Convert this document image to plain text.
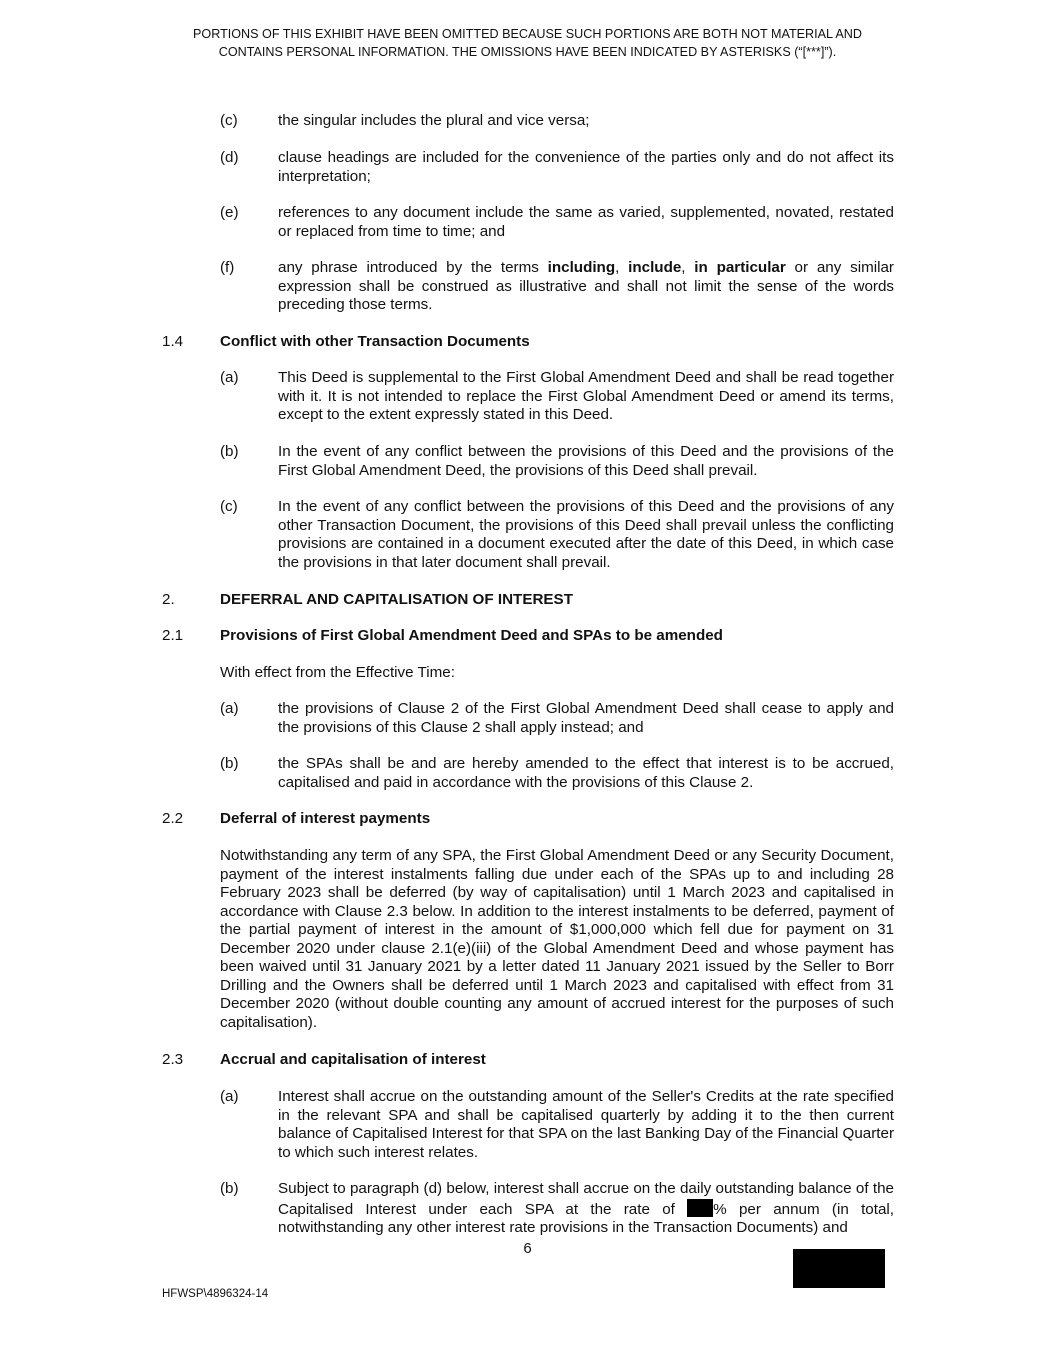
PORTIONS OF THIS EXHIBIT HAVE BEEN OMITTED BECAUSE SUCH PORTIONS ARE BOTH NOT MATERIAL AND
CONTAINS PERSONAL INFORMATION. THE OMISSIONS HAVE BEEN INDICATED BY ASTERISKS (“[***]”).
(c)	the singular includes the plural and vice versa;
(d)	clause headings are included for the convenience of the parties only and do not affect its interpretation;
(e)	references to any document include the same as varied, supplemented, novated, restated or replaced from time to time; and
(f)	any phrase introduced by the terms including, include, in particular or any similar expression shall be construed as illustrative and shall not limit the sense of the words preceding those terms.
1.4 Conflict with other Transaction Documents
(a)	This Deed is supplemental to the First Global Amendment Deed and shall be read together with it. It is not intended to replace the First Global Amendment Deed or amend its terms, except to the extent expressly stated in this Deed.
(b)	In the event of any conflict between the provisions of this Deed and the provisions of the First Global Amendment Deed, the provisions of this Deed shall prevail.
(c)	In the event of any conflict between the provisions of this Deed and the provisions of any other Transaction Document, the provisions of this Deed shall prevail unless the conflicting provisions are contained in a document executed after the date of this Deed, in which case the provisions in that later document shall prevail.
2.	DEFERRAL AND CAPITALISATION OF INTEREST
2.1 Provisions of First Global Amendment Deed and SPAs to be amended
With effect from the Effective Time:
(a)	the provisions of Clause 2 of the First Global Amendment Deed shall cease to apply and the provisions of this Clause 2 shall apply instead; and
(b)	the SPAs shall be and are hereby amended to the effect that interest is to be accrued, capitalised and paid in accordance with the provisions of this Clause 2.
2.2 Deferral of interest payments
Notwithstanding any term of any SPA, the First Global Amendment Deed or any Security Document, payment of the interest instalments falling due under each of the SPAs up to and including 28 February 2023 shall be deferred (by way of capitalisation) until 1 March 2023 and capitalised in accordance with Clause 2.3 below. In addition to the interest instalments to be deferred, payment of the partial payment of interest in the amount of $1,000,000 which fell due for payment on 31 December 2020 under clause 2.1(e)(iii) of the Global Amendment Deed and whose payment has been waived until 31 January 2021 by a letter dated 11 January 2021 issued by the Seller to Borr Drilling and the Owners shall be deferred until 1 March 2023 and capitalised with effect from 31 December 2020 (without double counting any amount of accrued interest for the purposes of such capitalisation).
2.3 Accrual and capitalisation of interest
(a)	Interest shall accrue on the outstanding amount of the Seller's Credits at the rate specified in the relevant SPA and shall be capitalised quarterly by adding it to the then current balance of Capitalised Interest for that SPA on the last Banking Day of the Financial Quarter to which such interest relates.
(b)	Subject to paragraph (d) below, interest shall accrue on the daily outstanding balance of the Capitalised Interest under each SPA at the rate of	% per annum (in total, notwithstanding any other interest rate provisions in the Transaction Documents) and
6
HFWSP\4896324-14
